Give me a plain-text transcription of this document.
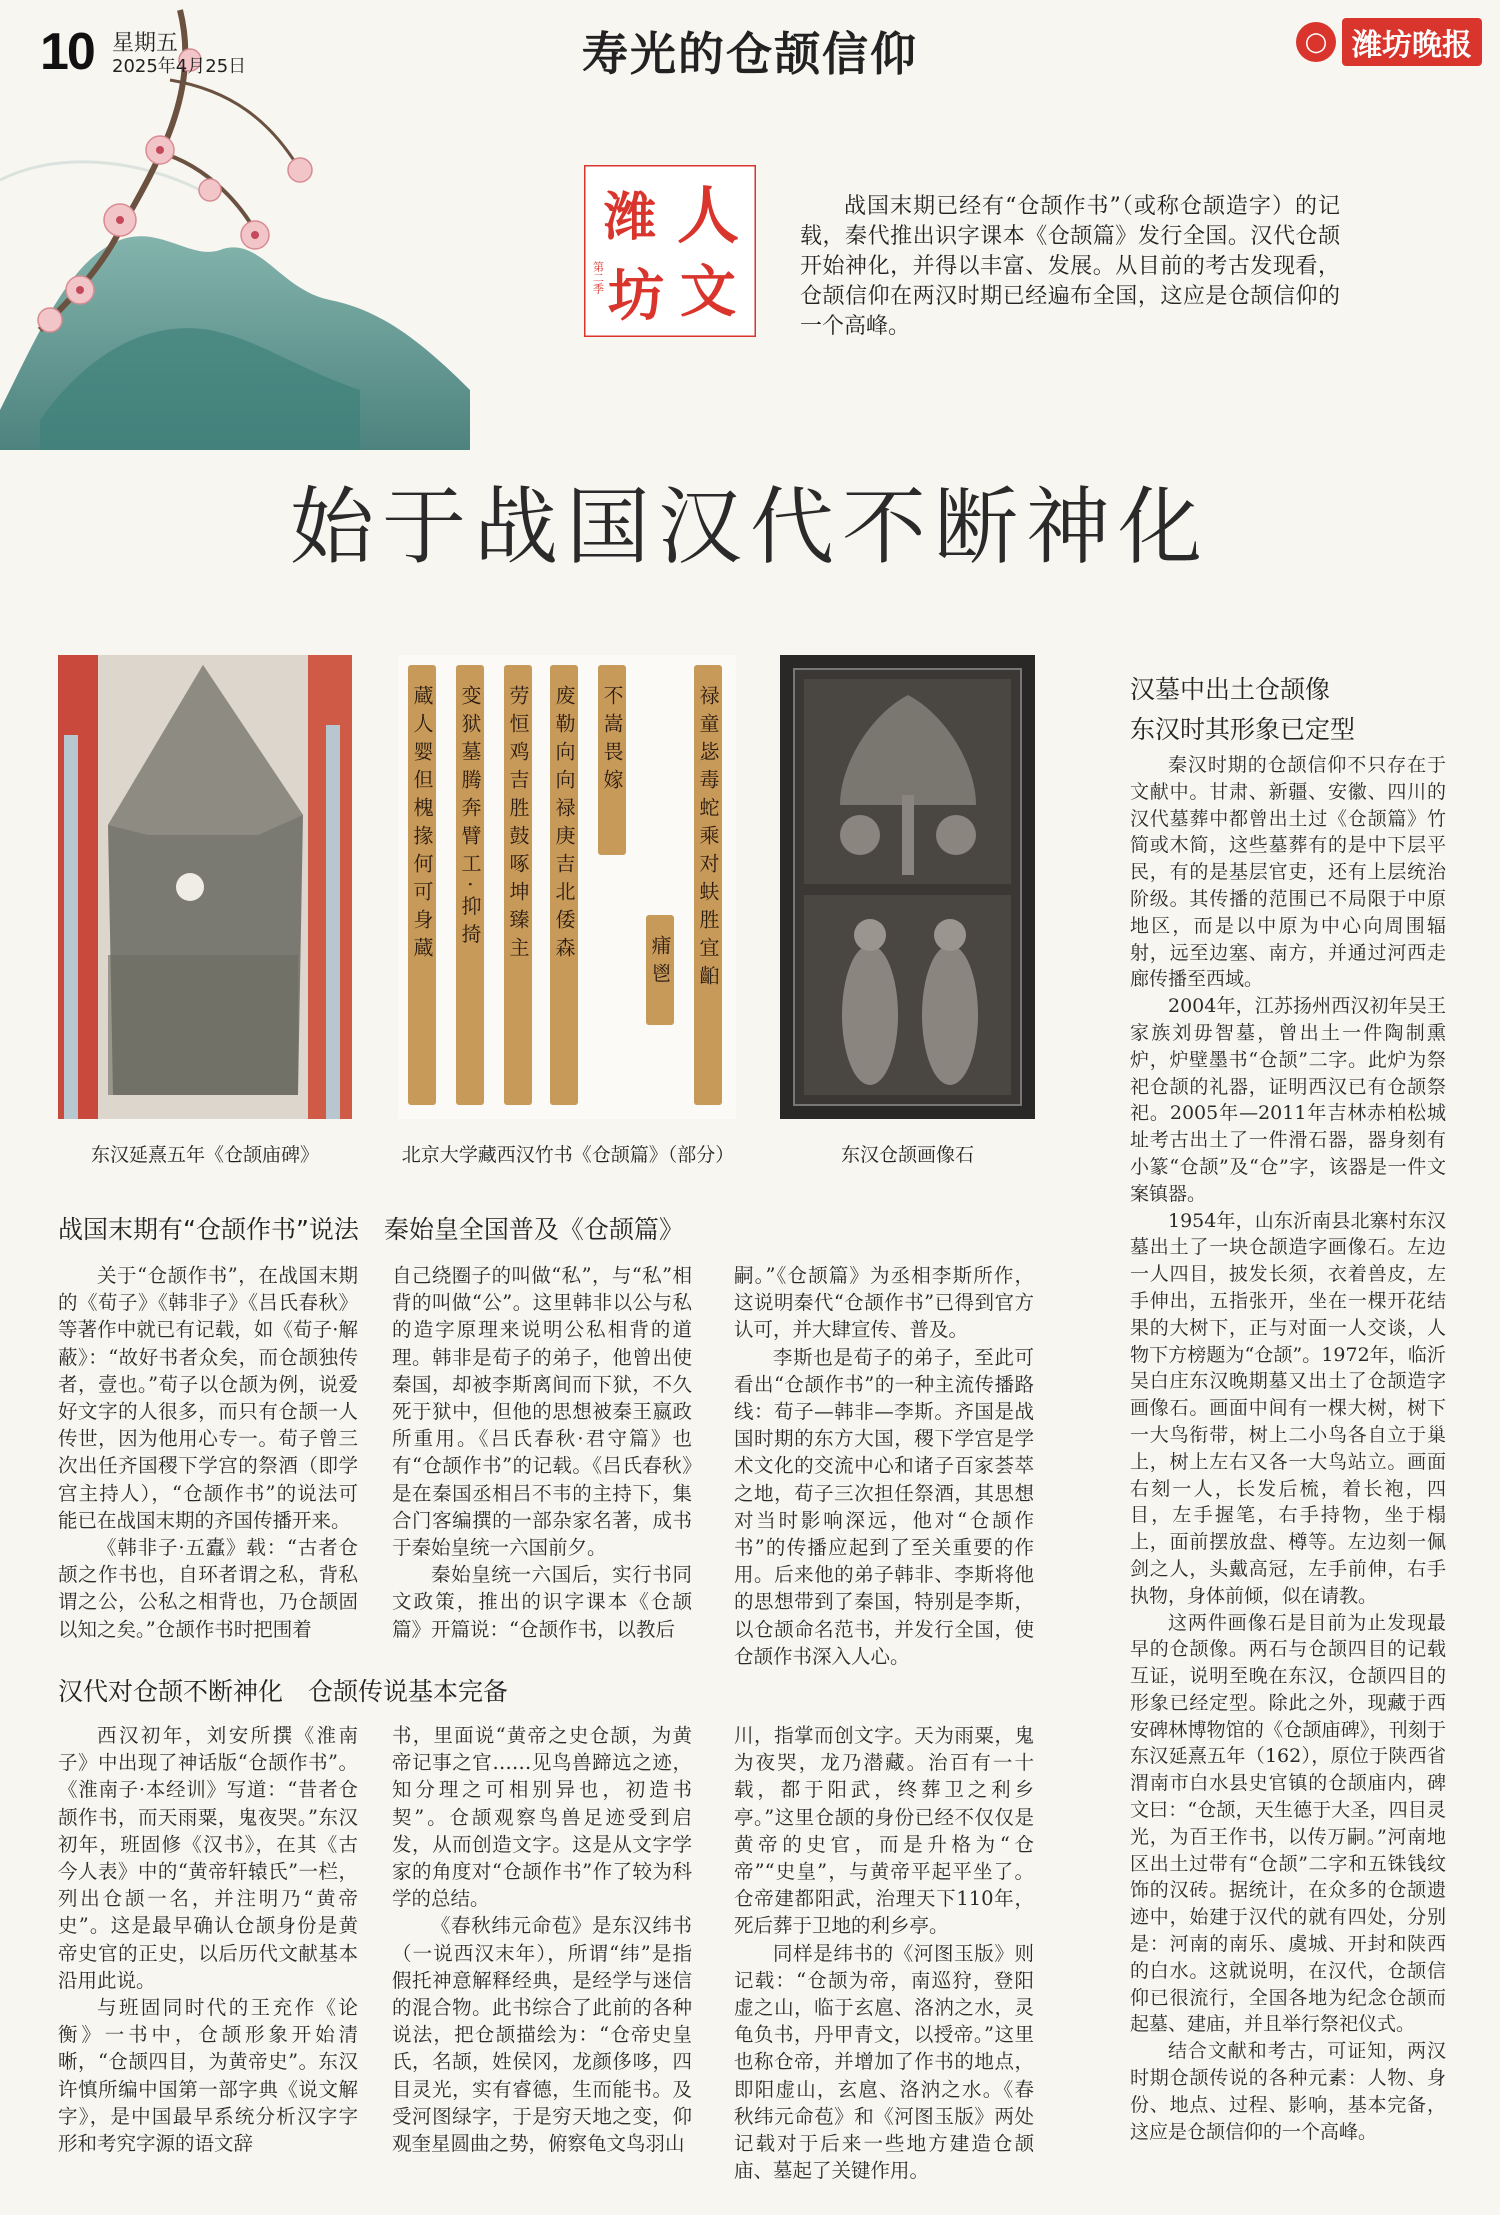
10 星期五
2025年4月25日	寿光的仓颉信仰	○ 潍坊晚报
潍 人
坊 文
第二季
战国末期已经有“仓颉作书”（或称仓颉造字）的记载，秦代推出识字课本《仓颉篇》发行全国。汉代仓颉开始神化，并得以丰富、发展。从目前的考古发现看，仓颉信仰在两汉时期已经遍布全国，这应是仓颉信仰的一个高峰。
始于战国汉代不断神化
蔵人婴但槐掾何可身蔵 变狱墓腾奔臂工·抑掎 劳恒鸡吉胜鼓啄坤臻主 废勒向向禄庚吉北倭森 不嵩畏嫁
痡鬯 禄童毖毒蛇乘对蚨胜宜齨
东汉延熹五年《仓颉庙碑》	北京大学藏西汉竹书《仓颉篇》（部分）	东汉仓颉画像石
汉墓中出土仓颉像
东汉时其形象已定型

秦汉时期的仓颉信仰不只存在于文献中。甘肃、新疆、安徽、四川的汉代墓葬中都曾出土过《仓颉篇》竹简或木简，这些墓葬有的是中下层平民，有的是基层官吏，还有上层统治阶级。其传播的范围已不局限于中原地区，而是以中原为中心向周围辐射，远至边塞、南方，并通过河西走廊传播至西域。

2004年，江苏扬州西汉初年吴王家族刘毋智墓，曾出土一件陶制熏炉，炉壁墨书“仓颉”二字。此炉为祭祀仓颉的礼器，证明西汉已有仓颉祭祀。2005年—2011年吉林赤柏松城址考古出土了一件滑石器，器身刻有小篆“仓颉”及“仓”字，该器是一件文案镇器。

1954年，山东沂南县北寨村东汉墓出土了一块仓颉造字画像石。左边一人四目，披发长须，衣着兽皮，左手伸出，五指张开，坐在一棵开花结果的大树下，正与对面一人交谈，人物下方榜题为“仓颉”。1972年，临沂吴白庄东汉晚期墓又出土了仓颉造字画像石。画面中间有一棵大树，树下一大鸟衔带，树上二小鸟各自立于巢上，树上左右又各一大鸟站立。画面右刻一人，长发后梳，着长袍，四目，左手握笔，右手持物，坐于榻上，面前摆放盘、樽等。左边刻一佩剑之人，头戴高冠，左手前伸，右手执物，身体前倾，似在请教。

这两件画像石是目前为止发现最早的仓颉像。两石与仓颉四目的记载互证，说明至晚在东汉，仓颉四目的形象已经定型。除此之外，现藏于西安碑林博物馆的《仓颉庙碑》，刊刻于东汉延熹五年（162），原位于陕西省渭南市白水县史官镇的仓颉庙内，碑文曰：“仓颉，天生德于大圣，四目灵光，为百王作书，以传万嗣。”河南地区出土过带有“仓颉”二字和五铢钱纹饰的汉砖。据统计，在众多的仓颉遗迹中，始建于汉代的就有四处，分别是：河南的南乐、虞城、开封和陕西的白水。这就说明，在汉代，仓颉信仰已很流行，全国各地为纪念仓颉而起墓、建庙，并且举行祭祀仪式。

结合文献和考古，可证知，两汉时期仓颉传说的各种元素：人物、身份、地点、过程、影响，基本完备，这应是仓颉信仰的一个高峰。

战国末期有“仓颉作书”说法　秦始皇全国普及《仓颉篇》

关于“仓颉作书”，在战国末期的《荀子》《韩非子》《吕氏春秋》等著作中就已有记载，如《荀子·解蔽》：“故好书者众矣，而仓颉独传者，壹也。”荀子以仓颉为例，说爱好文字的人很多，而只有仓颉一人传世，因为他用心专一。荀子曾三次出任齐国稷下学宫的祭酒（即学宫主持人），“仓颉作书”的说法可能已在战国末期的齐国传播开来。

《韩非子·五蠹》载：“古者仓颉之作书也，自环者谓之私，背私谓之公，公私之相背也，乃仓颉固以知之矣。”仓颉作书时把围着

自己绕圈子的叫做“私”，与“私”相背的叫做“公”。这里韩非以公与私的造字原理来说明公私相背的道理。韩非是荀子的弟子，他曾出使秦国，却被李斯离间而下狱，不久死于狱中，但他的思想被秦王嬴政所重用。《吕氏春秋·君守篇》也有“仓颉作书”的记载。《吕氏春秋》是在秦国丞相吕不韦的主持下，集合门客编撰的一部杂家名著，成书于秦始皇统一六国前夕。

秦始皇统一六国后，实行书同文政策，推出的识字课本《仓颉篇》开篇说：“仓颉作书，以教后

嗣。”《仓颉篇》为丞相李斯所作，这说明秦代“仓颉作书”已得到官方认可，并大肆宣传、普及。

李斯也是荀子的弟子，至此可看出“仓颉作书”的一种主流传播路线：荀子—韩非—李斯。齐国是战国时期的东方大国，稷下学宫是学术文化的交流中心和诸子百家荟萃之地，荀子三次担任祭酒，其思想对当时影响深远，他对“仓颉作书”的传播应起到了至关重要的作用。后来他的弟子韩非、李斯将他的思想带到了秦国，特别是李斯，以仓颉命名范书，并发行全国，使仓颉作书深入人心。

汉代对仓颉不断神化　仓颉传说基本完备

西汉初年，刘安所撰《淮南子》中出现了神话版“仓颉作书”。《淮南子·本经训》写道：“昔者仓颉作书，而天雨粟，鬼夜哭。”东汉初年，班固修《汉书》，在其《古今人表》中的“黄帝轩辕氏”一栏，列出仓颉一名，并注明乃“黄帝史”。这是最早确认仓颉身份是黄帝史官的正史，以后历代文献基本沿用此说。

与班固同时代的王充作《论衡》一书中，仓颉形象开始清晰，“仓颉四目，为黄帝史”。东汉许慎所编中国第一部字典《说文解字》，是中国最早系统分析汉字字形和考究字源的语文辞

书，里面说“黄帝之史仓颉，为黄帝记事之官……见鸟兽蹄迒之迹，知分理之可相别异也，初造书契”。仓颉观察鸟兽足迹受到启发，从而创造文字。这是从文字学家的角度对“仓颉作书”作了较为科学的总结。

《春秋纬元命苞》是东汉纬书（一说西汉末年），所谓“纬”是指假托神意解释经典，是经学与迷信的混合物。此书综合了此前的各种说法，把仓颉描绘为：“仓帝史皇氏，名颉，姓侯冈，龙颜侈哆，四目灵光，实有睿德，生而能书。及受河图绿字，于是穷天地之变，仰观奎星圆曲之势，俯察龟文鸟羽山

川，指掌而创文字。天为雨粟，鬼为夜哭，龙乃潜藏。治百有一十载，都于阳武，终葬卫之利乡亭。”这里仓颉的身份已经不仅仅是黄帝的史官，而是升格为“仓帝”“史皇”，与黄帝平起平坐了。仓帝建都阳武，治理天下110年，死后葬于卫地的利乡亭。

同样是纬书的《河图玉版》则记载：“仓颉为帝，南巡狩，登阳虚之山，临于玄扈、洛汭之水，灵龟负书，丹甲青文，以授帝。”这里也称仓帝，并增加了作书的地点，即阳虚山，玄扈、洛汭之水。《春秋纬元命苞》和《河图玉版》两处记载对于后来一些地方建造仓颉庙、墓起了关键作用。
